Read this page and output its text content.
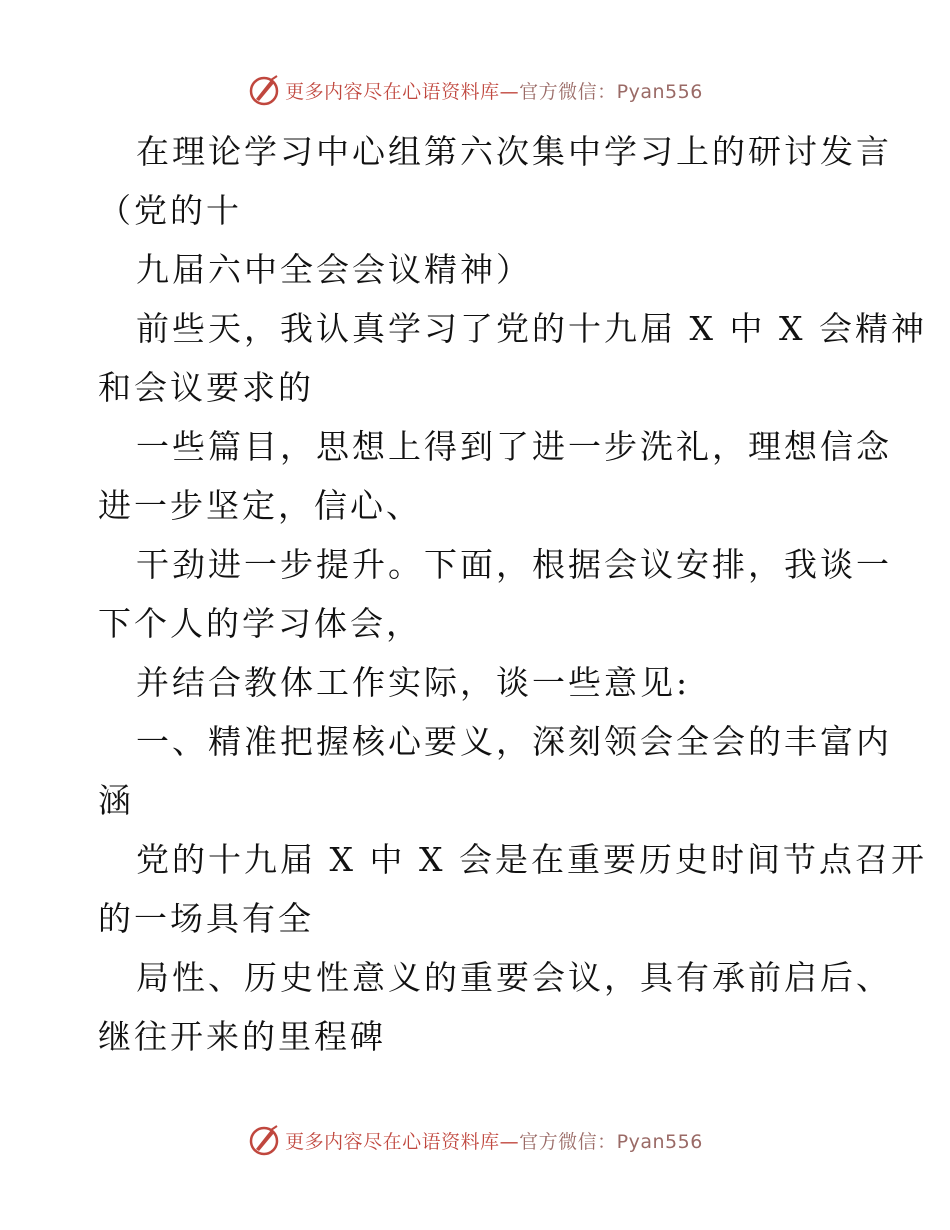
更多内容尽在心语资料库—官方微信：Pyan556
在理论学习中心组第六次集中学习上的研讨发言
（党的十
九届六中全会会议精神）
前些天，我认真学习了党的十九届 X 中 X 会精神
和会议要求的
一些篇目，思想上得到了进一步洗礼，理想信念
进一步坚定，信心、
干劲进一步提升。下面，根据会议安排，我谈一
下个人的学习体会，
并结合教体工作实际，谈一些意见:
一、精准把握核心要义，深刻领会全会的丰富内
涵
党的十九届 X 中 X 会是在重要历史时间节点召开
的一场具有全
局性、历史性意义的重要会议，具有承前启后、
继往开来的里程碑
更多内容尽在心语资料库—官方微信：Pyan556
